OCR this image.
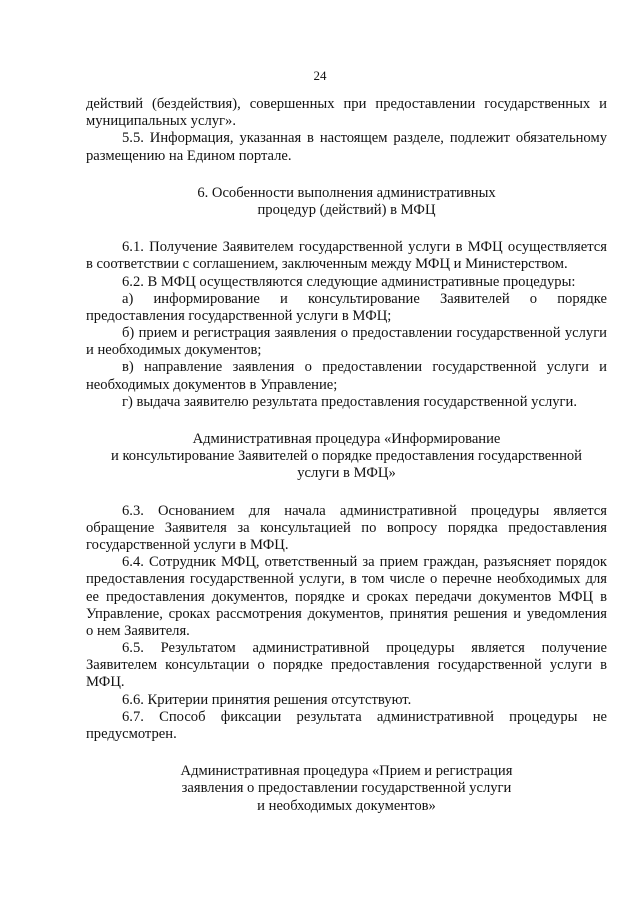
24
действий (бездействия), совершенных при предоставлении государственных и
муниципальных услуг».
5.5. Информация, указанная в настоящем разделе, подлежит обязательному
размещению на Едином портале.
6. Особенности выполнения административных
процедур (действий) в МФЦ
6.1. Получение Заявителем государственной услуги в МФЦ осуществляется
в соответствии с соглашением, заключенным между МФЦ и Министерством.
6.2. В МФЦ осуществляются следующие административные процедуры:
а) информирование и консультирование Заявителей о порядке
предоставления государственной услуги в МФЦ;
б) прием и регистрация заявления о предоставлении государственной услуги
и необходимых документов;
в) направление заявления о предоставлении государственной услуги и
необходимых документов в Управление;
г) выдача заявителю результата предоставления государственной услуги.
Административная процедура «Информирование
и консультирование Заявителей о порядке предоставления государственной
услуги в МФЦ»
6.3. Основанием для начала административной процедуры является
обращение Заявителя за консультацией по вопросу порядка предоставления
государственной услуги в МФЦ.
6.4. Сотрудник МФЦ, ответственный за прием граждан, разъясняет порядок
предоставления государственной услуги, в том числе о перечне необходимых для
ее предоставления документов, порядке и сроках передачи документов МФЦ в
Управление, сроках рассмотрения документов, принятия решения и уведомления
о нем Заявителя.
6.5. Результатом административной процедуры является получение
Заявителем консультации о порядке предоставления государственной услуги в
МФЦ.
6.6. Критерии принятия решения отсутствуют.
6.7. Способ фиксации результата административной процедуры не
предусмотрен.
Административная процедура «Прием и регистрация
заявления о предоставлении государственной услуги
и необходимых документов»
